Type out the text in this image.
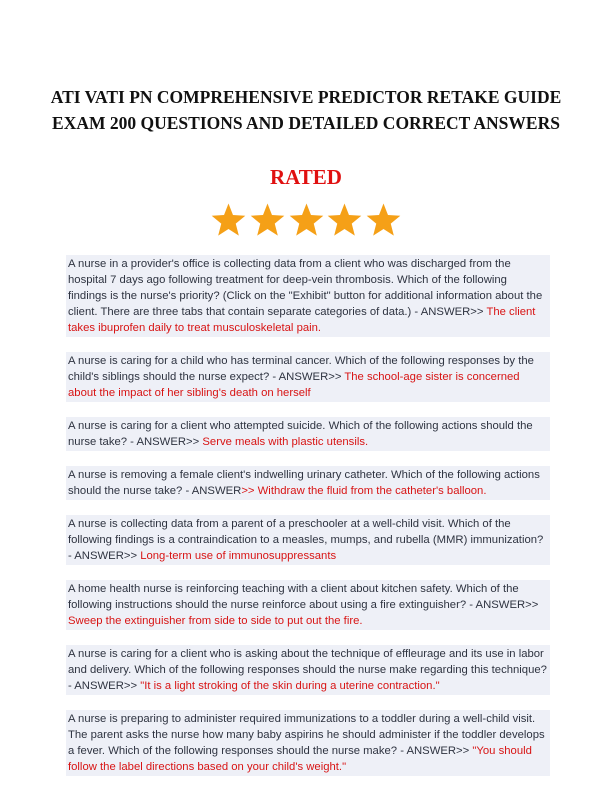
ATI VATI PN COMPREHENSIVE PREDICTOR RETAKE GUIDE EXAM 200 QUESTIONS AND DETAILED CORRECT ANSWERS
RATED

A nurse in a provider's office is collecting data from a client who was discharged from the hospital 7 days ago following treatment for deep-vein thrombosis. Which of the following findings is the nurse's priority? (Click on the "Exhibit" button for additional information about the client. There are three tabs that contain separate categories of data.) - ANSWER>> The client takes ibuprofen daily to treat musculoskeletal pain.

A nurse is caring for a child who has terminal cancer. Which of the following responses by the child's siblings should the nurse expect? - ANSWER>> The school-age sister is concerned about the impact of her sibling's death on herself

A nurse is caring for a client who attempted suicide. Which of the following actions should the nurse take? - ANSWER>> Serve meals with plastic utensils.

A nurse is removing a female client's indwelling urinary catheter. Which of the following actions should the nurse take? - ANSWER>> Withdraw the fluid from the catheter's balloon.

A nurse is collecting data from a parent of a preschooler at a well-child visit. Which of the following findings is a contraindication to a measles, mumps, and rubella (MMR) immunization? - ANSWER>> Long-term use of immunosuppressants

A home health nurse is reinforcing teaching with a client about kitchen safety. Which of the following instructions should the nurse reinforce about using a fire extinguisher? - ANSWER>> Sweep the extinguisher from side to side to put out the fire.

A nurse is caring for a client who is asking about the technique of effleurage and its use in labor and delivery. Which of the following responses should the nurse make regarding this technique? - ANSWER>> "It is a light stroking of the skin during a uterine contraction."

A nurse is preparing to administer required immunizations to a toddler during a well-child visit. The parent asks the nurse how many baby aspirins he should administer if the toddler develops a fever. Which of the following responses should the nurse make? - ANSWER>> "You should follow the label directions based on your child's weight."
